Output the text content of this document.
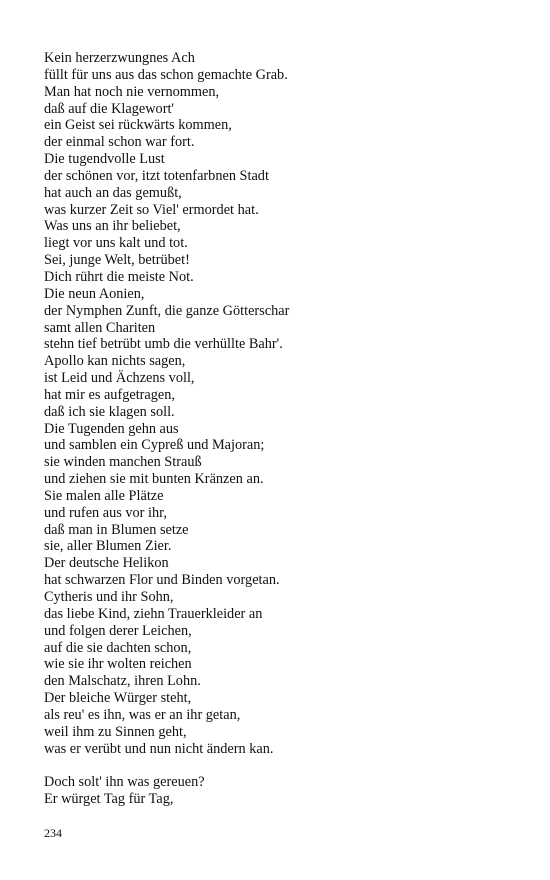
Kein herzerzwungnes Ach
füllt für uns aus das schon gemachte Grab.
Man hat noch nie vernommen,
daß auf die Klagewort'
ein Geist sei rückwärts kommen,
der einmal schon war fort.
Die tugendvolle Lust
der schönen vor, itzt totenfarbnen Stadt
hat auch an das gemußt,
was kurzer Zeit so Viel' ermordet hat.
Was uns an ihr beliebet,
liegt vor uns kalt und tot.
Sei, junge Welt, betrübet!
Dich rührt die meiste Not.
Die neun Aonien,
der Nymphen Zunft, die ganze Götterschar
samt allen Chariten
stehn tief betrübt umb die verhüllte Bahr'.
Apollo kan nichts sagen,
ist Leid und Ächzens voll,
hat mir es aufgetragen,
daß ich sie klagen soll.
Die Tugenden gehn aus
und samblen ein Cypreß und Majoran;
sie winden manchen Strauß
und ziehen sie mit bunten Kränzen an.
Sie malen alle Plätze
und rufen aus vor ihr,
daß man in Blumen setze
sie, aller Blumen Zier.
Der deutsche Helikon
hat schwarzen Flor und Binden vorgetan.
Cytheris und ihr Sohn,
das liebe Kind, ziehn Trauerkleider an
und folgen derer Leichen,
auf die sie dachten schon,
wie sie ihr wolten reichen
den Malschatz, ihren Lohn.
Der bleiche Würger steht,
als reu' es ihn, was er an ihr getan,
weil ihm zu Sinnen geht,
was er verübt und nun nicht ändern kan.
Doch solt' ihn was gereuen?
Er würget Tag für Tag,
234
